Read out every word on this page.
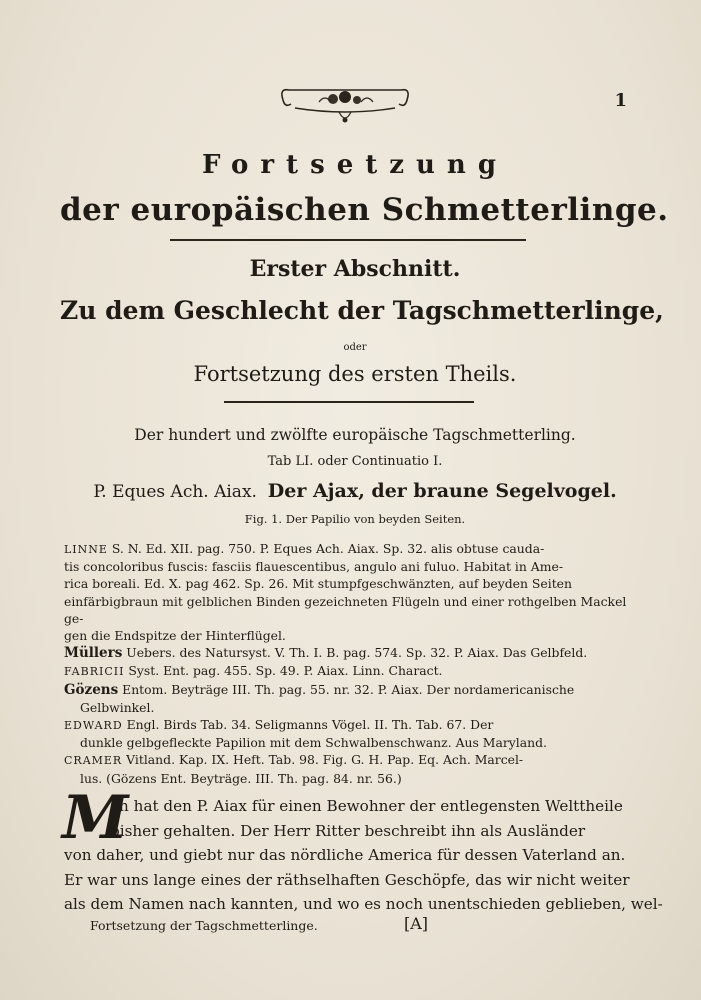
1
Fortsetzung
der europäischen Schmetterlinge.
Erster Abschnitt.
Zu dem Geschlecht der Tagschmetterlinge,
oder
Fortsetzung des ersten Theils.
Der hundert und zwölfte europäische Tagschmetterling.
Tab LI. oder Continuatio I.
P. Eques Ach. Aiax. Der Ajax, der braune Segelvogel.
Fig. 1. Der Papilio von beyden Seiten.

LINNE S. N. Ed. XII. pag. 750. P. Eques Ach. Aiax. Sp. 32. alis obtuse cauda-

tis concoloribus fuscis: fasciis flauescentibus, angulo ani fuluo. Habitat in Ame-

rica boreali. Ed. X. pag 462. Sp. 26. Mit stumpfgeschwänzten, auf beyden Seiten

einfärbigbraun mit gelblichen Binden gezeichneten Flügeln und einer rothgelben Mackel ge-

gen die Endspitze der Hinterflügel.

Müllers Uebers. des Natursyst. V. Th. I. B. pag. 574. Sp. 32. P. Aiax. Das Gelbfeld.

FABRICII Syst. Ent. pag. 455. Sp. 49. P. Aiax. Linn. Charact.

Gözens Entom. Beyträge III. Th. pag. 55. nr. 32. P. Aiax. Der nordamericanische

Gelbwinkel.

EDWARD Engl. Birds Tab. 34. Seligmanns Vögel. II. Th. Tab. 67. Der

dunkle gelbgefleckte Papilion mit dem Schwalbenschwanz. Aus Maryland.

CRAMER Vitland. Kap. IX. Heft. Tab. 98. Fig. G. H. Pap. Eq. Ach. Marcel-

lus. (Gözens Ent. Beyträge. III. Th. pag. 84. nr. 56.)

M

an hat den P. Aiax für einen Bewohner der entlegensten Welttheile

bisher gehalten. Der Herr Ritter beschreibt ihn als Ausländer

von daher, und giebt nur das nördliche America für dessen Vaterland an.

Er war uns lange eines der räthselhaften Geschöpfe, das wir nicht weiter

als dem Namen nach kannten, und wo es noch unentschieden geblieben, wel-

Fortsetzung der Tagschmetterlinge.	[A]
